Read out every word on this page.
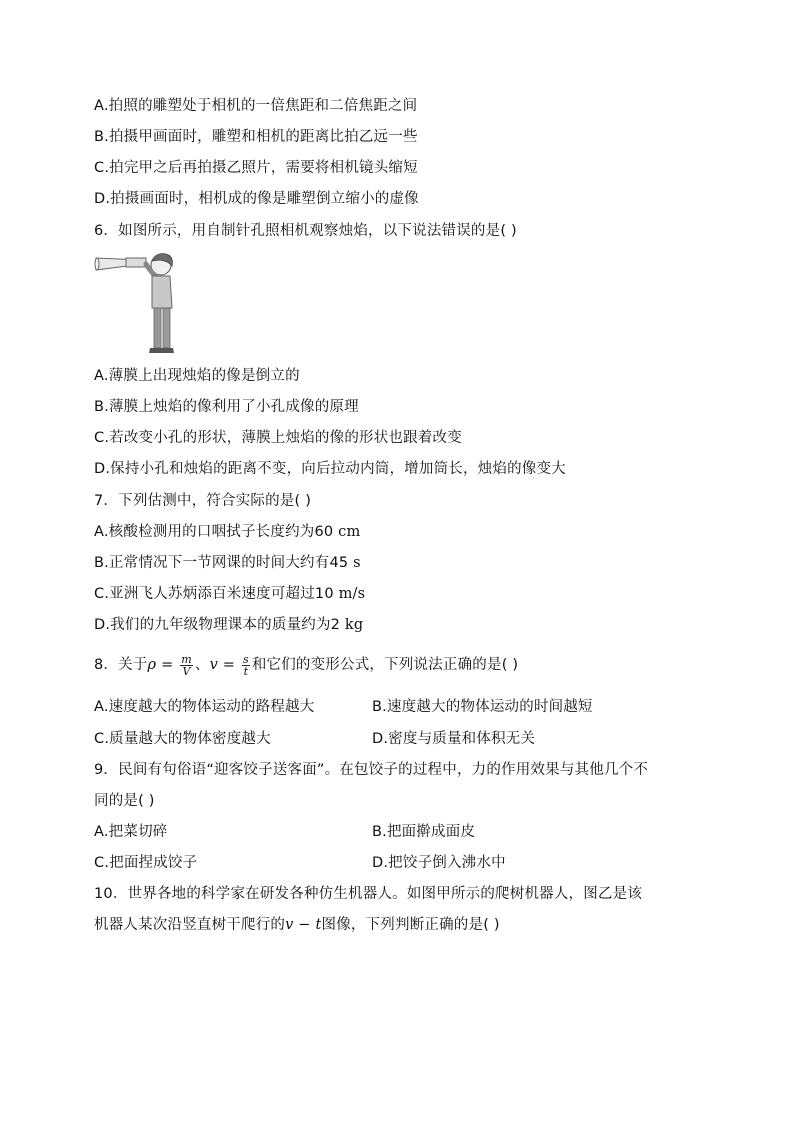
A.拍照的雕塑处于相机的一倍焦距和二倍焦距之间
B.拍摄甲画面时，雕塑和相机的距离比拍乙远一些
C.拍完甲之后再拍摄乙照片，需要将相机镜头缩短
D.拍摄画面时，相机成的像是雕塑倒立缩小的虚像
6．如图所示，用自制针孔照相机观察烛焰，以下说法错误的是( )
A.薄膜上出现烛焰的像是倒立的
B.薄膜上烛焰的像利用了小孔成像的原理
C.若改变小孔的形状，薄膜上烛焰的像的形状也跟着改变
D.保持小孔和烛焰的距离不变，向后拉动内筒，增加筒长，烛焰的像变大
7．下列估测中，符合实际的是( )
A.核酸检测用的口咽拭子长度约为60 cm
B.正常情况下一节网课的时间大约有45 s
C.亚洲飞人苏炳添百米速度可超过10 m/s
D.我们的九年级物理课本的质量约为2 kg
8．关于$\rho = \frac{m}{V}$ 、$v = \frac{s}{t}$ 和它们的变形公式，下列说法正确的是( )
A.速度越大的物体运动的路程越大	B.速度越大的物体运动的时间越短
C.质量越大的物体密度越大	D.密度与质量和体积无关
9．民间有句俗语“迎客饺子送客面”。在包饺子的过程中，力的作用效果与其他几个不
同的是( )
A.把菜切碎	B.把面擀成面皮
C.把面捏成饺子	D.把饺子倒入沸水中
10．世界各地的科学家在研发各种仿生机器人。如图甲所示的爬树机器人，图乙是该
机器人某次沿竖直树干爬行的v − t图像，下列判断正确的是( )
